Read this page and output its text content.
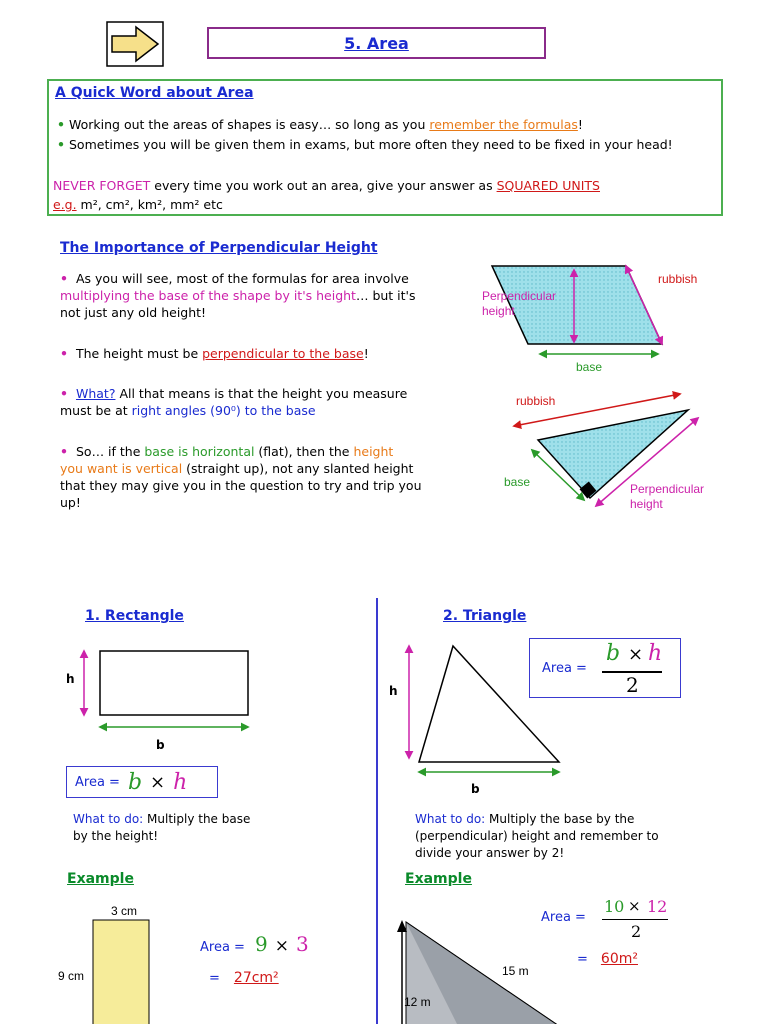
5. Area
A Quick Word about Area
• Working out the areas of shapes is easy… so long as you remember the formulas!
• Sometimes you will be given them in exams, but more often they need to be fixed in your head!
NEVER FORGET every time you work out an area, give your answer as SQUARED UNITS
e.g. m², cm², km², mm² etc
The Importance of Perpendicular Height
• As you will see, most of the formulas for area involve
multiplying the base of the shape by it's height… but it's
not just any old height!
• The height must be perpendicular to the base!
• What? All that means is that the height you measure
must be at right angles (90⁰) to the base
• So… if the base is horizontal (flat), then the height
you want is vertical (straight up), not any slanted height
that they may give you in the question to try and trip you
up!
rubbish
Perpendicular
height
base
rubbish
base	Perpendicular
height
1. Rectangle
h
b
Area = b × h
What to do: Multiply the base
by the height!
Example
3 cm
9 cm
Area = 9 × 3
= 27cm²
2. Triangle
h
b
Area =
b × h
2
What to do: Multiply the base by the
(perpendicular) height and remember to
divide your answer by 2!
Example
15 m
12 m
Area =
10 × 12
2
= 60m²
